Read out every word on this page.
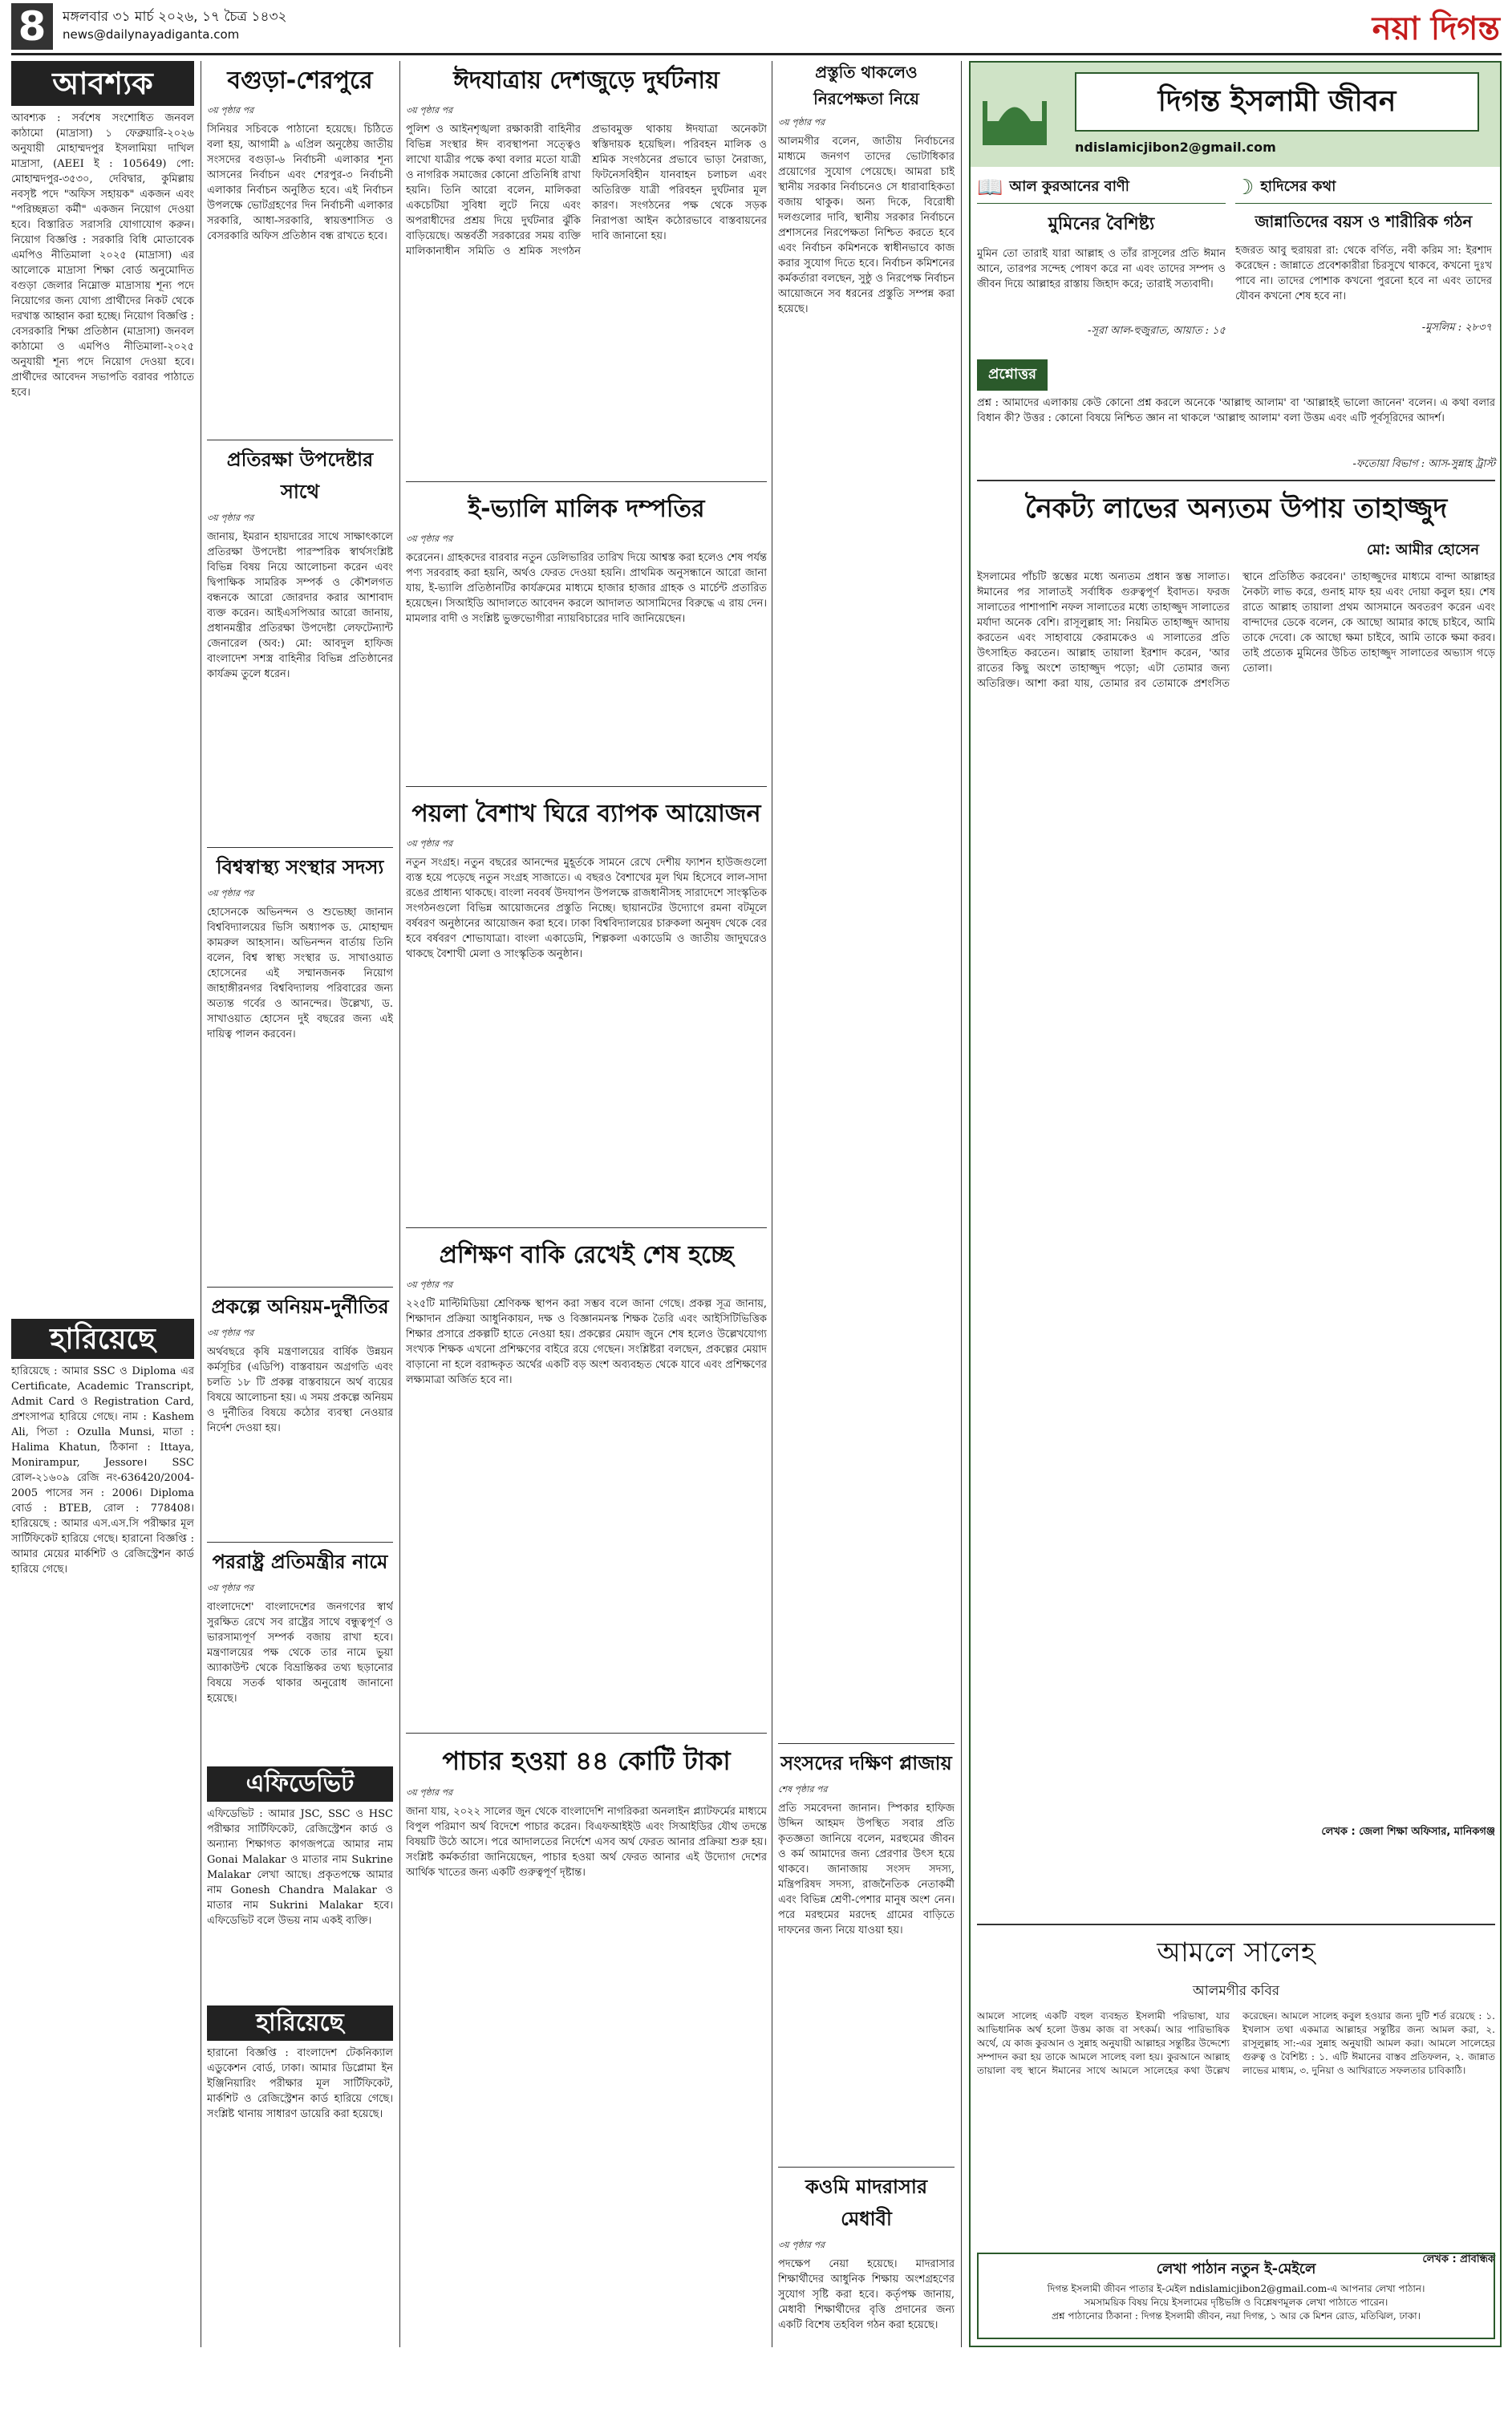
8	মঙ্গলবার ৩১ মার্চ ২০২৬, ১৭ চৈত্র ১৪৩২
news@dailynayadiganta.com	নয়া দিগন্ত
আবশ্যক
আবশ্যক : সর্বশেষ সংশোধিত জনবল কাঠামো (মাদ্রাসা) ১ ফেব্রুয়ারি-২০২৬ অনুযায়ী মোহাম্মদপুর ইসলামিয়া দাখিল মাদ্রাসা, (AEEI ই : 105649) পো: মোহাম্মদপুর-৩৫৩০, দেবিদ্বার, কুমিল্লায় নবসৃষ্ট পদে "অফিস সহায়ক" একজন এবং "পরিচ্ছন্নতা কর্মী" একজন নিয়োগ দেওয়া হবে। বিস্তারিত সরাসরি যোগাযোগ করুন। নিয়োগ বিজ্ঞপ্তি : সরকারি বিধি মোতাবেক এমপিও নীতিমালা ২০২৫ (মাদ্রাসা) এর আলোকে মাদ্রাসা শিক্ষা বোর্ড অনুমোদিত বগুড়া জেলার নিম্নোক্ত মাদ্রাসায় শূন্য পদে নিয়োগের জন্য যোগ্য প্রার্থীদের নিকট থেকে দরখাস্ত আহ্বান করা হচ্ছে। নিয়োগ বিজ্ঞপ্তি : বেসরকারি শিক্ষা প্রতিষ্ঠান (মাদ্রাসা) জনবল কাঠামো ও এমপিও নীতিমালা-২০২৫ অনুযায়ী শূন্য পদে নিয়োগ দেওয়া হবে। প্রার্থীদের আবেদন সভাপতি বরাবর পাঠাতে হবে।
হারিয়েছে
হারিয়েছে : আমার SSC ও Diploma এর Certificate, Academic Transcript, Admit Card ও Registration Card, প্রশংসাপত্র হারিয়ে গেছে। নাম : Kashem Ali, পিতা : Ozulla Munsi, মাতা : Halima Khatun, ঠিকানা : Ittaya, Monirampur, Jessore। SSC রোল-২১৬০৯ রেজি নং-636420/2004-2005 পাসের সন : 2006। Diploma বোর্ড : BTEB, রোল : 778408। হারিয়েছে : আমার এস.এস.সি পরীক্ষার মূল সার্টিফিকেট হারিয়ে গেছে। হারানো বিজ্ঞপ্তি : আমার মেয়ের মার্কশিট ও রেজিস্ট্রেশন কার্ড হারিয়ে গেছে।
বগুড়া-শেরপুরে
৩য় পৃষ্ঠার পর
সিনিয়র সচিবকে পাঠানো হয়েছে। চিঠিতে বলা হয়, আগামী ৯ এপ্রিল অনুষ্ঠেয় জাতীয় সংসদের বগুড়া-৬ নির্বাচনী এলাকার শূন্য আসনের নির্বাচন এবং শেরপুর-৩ নির্বাচনী এলাকার নির্বাচন অনুষ্ঠিত হবে। এই নির্বাচন উপলক্ষে ভোটগ্রহণের দিন নির্বাচনী এলাকার সরকারি, আধা-সরকারি, স্বায়ত্তশাসিত ও বেসরকারি অফিস প্রতিষ্ঠান বন্ধ রাখতে হবে।
প্রতিরক্ষা উপদেষ্টার সাথে
৩য় পৃষ্ঠার পর
জানায়, ইমরান হায়দারের সাথে সাক্ষাৎকালে প্রতিরক্ষা উপদেষ্টা পারস্পরিক স্বার্থসংশ্লিষ্ট বিভিন্ন বিষয় নিয়ে আলোচনা করেন এবং দ্বিপাক্ষিক সামরিক সম্পর্ক ও কৌশলগত বন্ধনকে আরো জোরদার করার আশাবাদ ব্যক্ত করেন। আইএসপিআর আরো জানায়, প্রধানমন্ত্রীর প্রতিরক্ষা উপদেষ্টা লেফটেন্যান্ট জেনারেল (অব:) মো: আবদুল হাফিজ বাংলাদেশ সশস্ত্র বাহিনীর বিভিন্ন প্রতিষ্ঠানের কার্যক্রম তুলে ধরেন।
বিশ্বস্বাস্থ্য সংস্থার সদস্য
৩য় পৃষ্ঠার পর
হোসেনকে অভিনন্দন ও শুভেচ্ছা জানান বিশ্ববিদ্যালয়ের ভিসি অধ্যাপক ড. মোহাম্মদ কামরুল আহসান। অভিনন্দন বার্তায় তিনি বলেন, বিশ্ব স্বাস্থ্য সংস্থার ড. সাখাওয়াত হোসেনের এই সম্মানজনক নিয়োগ জাহাঙ্গীরনগর বিশ্ববিদ্যালয় পরিবারের জন্য অত্যন্ত গর্বের ও আনন্দের। উল্লেখ্য, ড. সাখাওয়াত হোসেন দুই বছরের জন্য এই দায়িত্ব পালন করবেন।
প্রকল্পে অনিয়ম-দুর্নীতির
৩য় পৃষ্ঠার পর
অর্থবছরে কৃষি মন্ত্রণালয়ের বার্ষিক উন্নয়ন কর্মসূচির (এডিপি) বাস্তবায়ন অগ্রগতি এবং চলতি ১৮ টি প্রকল্প বাস্তবায়নে অর্থ ব্যয়ের বিষয়ে আলোচনা হয়। এ সময় প্রকল্পে অনিয়ম ও দুর্নীতির বিষয়ে কঠোর ব্যবস্থা নেওয়ার নির্দেশ দেওয়া হয়।
পররাষ্ট্র প্রতিমন্ত্রীর নামে
৩য় পৃষ্ঠার পর
বাংলাদেশে' বাংলাদেশের জনগণের স্বার্থ সুরক্ষিত রেখে সব রাষ্ট্রের সাথে বন্ধুত্বপূর্ণ ও ভারসাম্যপূর্ণ সম্পর্ক বজায় রাখা হবে। মন্ত্রণালয়ের পক্ষ থেকে তার নামে ভুয়া অ্যাকাউন্ট থেকে বিভ্রান্তিকর তথ্য ছড়ানোর বিষয়ে সতর্ক থাকার অনুরোধ জানানো হয়েছে।
এফিডেভিট
এফিডেভিট : আমার JSC, SSC ও HSC পরীক্ষার সার্টিফিকেট, রেজিস্ট্রেশন কার্ড ও অন্যান্য শিক্ষাগত কাগজপত্রে আমার নাম Gonai Malakar ও মাতার নাম Sukrine Malakar লেখা আছে। প্রকৃতপক্ষে আমার নাম Gonesh Chandra Malakar ও মাতার নাম Sukrini Malakar হবে। এফিডেভিট বলে উভয় নাম একই ব্যক্তি।
হারিয়েছে
হারানো বিজ্ঞপ্তি : বাংলাদেশ টেকনিক্যাল এডুকেশন বোর্ড, ঢাকা। আমার ডিপ্লোমা ইন ইঞ্জিনিয়ারিং পরীক্ষার মূল সার্টিফিকেট, মার্কশিট ও রেজিস্ট্রেশন কার্ড হারিয়ে গেছে। সংশ্লিষ্ট থানায় সাধারণ ডায়েরি করা হয়েছে।
ঈদযাত্রায় দেশজুড়ে দুর্ঘটনায়
৩য় পৃষ্ঠার পর
পুলিশ ও আইনশৃঙ্খলা রক্ষাকারী বাহিনীর বিভিন্ন সংস্থার ঈদ ব্যবস্থাপনা সত্ত্বেও লাখো যাত্রীর পক্ষে কথা বলার মতো যাত্রী ও নাগরিক সমাজের কোনো প্রতিনিধি রাখা হয়নি। তিনি আরো বলেন, মালিকরা একচেটিয়া সুবিধা লুটে নিয়ে এবং অপরাধীদের প্রশ্রয় দিয়ে দুর্ঘটনার ঝুঁকি বাড়িয়েছে। অন্তর্বর্তী সরকারের সময় ব্যক্তি মালিকানাধীন সমিতি ও শ্রমিক সংগঠন প্রভাবমুক্ত থাকায় ঈদযাত্রা অনেকটা স্বস্তিদায়ক হয়েছিল। পরিবহন মালিক ও শ্রমিক সংগঠনের প্রভাবে ভাড়া নৈরাজ্য, ফিটনেসবিহীন যানবাহন চলাচল এবং অতিরিক্ত যাত্রী পরিবহন দুর্ঘটনার মূল কারণ। সংগঠনের পক্ষ থেকে সড়ক নিরাপত্তা আইন কঠোরভাবে বাস্তবায়নের দাবি জানানো হয়।
ই-ভ্যালি মালিক দম্পতির
৩য় পৃষ্ঠার পর
করেনেন। গ্রাহকদের বারবার নতুন ডেলিভারির তারিখ দিয়ে আশ্বস্ত করা হলেও শেষ পর্যন্ত পণ্য সরবরাহ করা হয়নি, অর্থও ফেরত দেওয়া হয়নি। প্রাথমিক অনুসন্ধানে আরো জানা যায়, ই-ভ্যালি প্রতিষ্ঠানটির কার্যক্রমের মাধ্যমে হাজার হাজার গ্রাহক ও মার্চেন্ট প্রতারিত হয়েছেন। সিআইডি আদালতে আবেদন করলে আদালত আসামিদের বিরুদ্ধে এ রায় দেন। মামলার বাদী ও সংশ্লিষ্ট ভুক্তভোগীরা ন্যায়বিচারের দাবি জানিয়েছেন।
পয়লা বৈশাখ ঘিরে ব্যাপক আয়োজন
৩য় পৃষ্ঠার পর
নতুন সংগ্রহ। নতুন বছরের আনন্দের মুহূর্তকে সামনে রেখে দেশীয় ফ্যাশন হাউজগুলো ব্যস্ত হয়ে পড়েছে নতুন সংগ্রহ সাজাতে। এ বছরও বৈশাখের মূল থিম হিসেবে লাল-সাদা রঙের প্রাধান্য থাকছে। বাংলা নববর্ষ উদযাপন উপলক্ষে রাজধানীসহ সারাদেশে সাংস্কৃতিক সংগঠনগুলো বিভিন্ন আয়োজনের প্রস্তুতি নিচ্ছে। ছায়ানটের উদ্যোগে রমনা বটমূলে বর্ষবরণ অনুষ্ঠানের আয়োজন করা হবে। ঢাকা বিশ্ববিদ্যালয়ের চারুকলা অনুষদ থেকে বের হবে বর্ষবরণ শোভাযাত্রা। বাংলা একাডেমি, শিল্পকলা একাডেমি ও জাতীয় জাদুঘরেও থাকছে বৈশাখী মেলা ও সাংস্কৃতিক অনুষ্ঠান।
প্রশিক্ষণ বাকি রেখেই শেষ হচ্ছে
৩য় পৃষ্ঠার পর
২২৫টি মাল্টিমিডিয়া শ্রেণিকক্ষ স্থাপন করা সম্ভব বলে জানা গেছে। প্রকল্প সূত্র জানায়, শিক্ষাদান প্রক্রিয়া আধুনিকায়ন, দক্ষ ও বিজ্ঞানমনস্ক শিক্ষক তৈরি এবং আইসিটিভিত্তিক শিক্ষার প্রসারে প্রকল্পটি হাতে নেওয়া হয়। প্রকল্পের মেয়াদ জুনে শেষ হলেও উল্লেখযোগ্য সংখ্যক শিক্ষক এখনো প্রশিক্ষণের বাইরে রয়ে গেছেন। সংশ্লিষ্টরা বলছেন, প্রকল্পের মেয়াদ বাড়ানো না হলে বরাদ্দকৃত অর্থের একটি বড় অংশ অব্যবহৃত থেকে যাবে এবং প্রশিক্ষণের লক্ষ্যমাত্রা অর্জিত হবে না।
পাচার হওয়া ৪৪ কোটি টাকা
৩য় পৃষ্ঠার পর
জানা যায়, ২০২২ সালের জুন থেকে বাংলাদেশি নাগরিকরা অনলাইন প্ল্যাটফর্মের মাধ্যমে বিপুল পরিমাণ অর্থ বিদেশে পাচার করেন। বিএফআইইউ এবং সিআইডির যৌথ তদন্তে বিষয়টি উঠে আসে। পরে আদালতের নির্দেশে এসব অর্থ ফেরত আনার প্রক্রিয়া শুরু হয়। সংশ্লিষ্ট কর্মকর্তারা জানিয়েছেন, পাচার হওয়া অর্থ ফেরত আনার এই উদ্যোগ দেশের আর্থিক খাতের জন্য একটি গুরুত্বপূর্ণ দৃষ্টান্ত।
প্রস্তুতি থাকলেও নিরপেক্ষতা নিয়ে
৩য় পৃষ্ঠার পর
আলমগীর বলেন, জাতীয় নির্বাচনের মাধ্যমে জনগণ তাদের ভোটাধিকার প্রয়োগের সুযোগ পেয়েছে। আমরা চাই স্থানীয় সরকার নির্বাচনেও সে ধারাবাহিকতা বজায় থাকুক। অন্য দিকে, বিরোধী দলগুলোর দাবি, স্থানীয় সরকার নির্বাচনে প্রশাসনের নিরপেক্ষতা নিশ্চিত করতে হবে এবং নির্বাচন কমিশনকে স্বাধীনভাবে কাজ করার সুযোগ দিতে হবে। নির্বাচন কমিশনের কর্মকর্তারা বলছেন, সুষ্ঠু ও নিরপেক্ষ নির্বাচন আয়োজনে সব ধরনের প্রস্তুতি সম্পন্ন করা হয়েছে।
সংসদের দক্ষিণ প্লাজায়
শেষ পৃষ্ঠার পর
প্রতি সমবেদনা জানান। স্পিকার হাফিজ উদ্দিন আহমদ উপস্থিত সবার প্রতি কৃতজ্ঞতা জানিয়ে বলেন, মরহুমের জীবন ও কর্ম আমাদের জন্য প্রেরণার উৎস হয়ে থাকবে। জানাজায় সংসদ সদস্য, মন্ত্রিপরিষদ সদস্য, রাজনৈতিক নেতাকর্মী এবং বিভিন্ন শ্রেণী-পেশার মানুষ অংশ নেন। পরে মরহুমের মরদেহ গ্রামের বাড়িতে দাফনের জন্য নিয়ে যাওয়া হয়।
কওমি মাদরাসার মেধাবী
৩য় পৃষ্ঠার পর
পদক্ষেপ নেয়া হয়েছে। মাদরাসার শিক্ষার্থীদের আধুনিক শিক্ষায় অংশগ্রহণের সুযোগ সৃষ্টি করা হবে। কর্তৃপক্ষ জানায়, মেধাবী শিক্ষার্থীদের বৃত্তি প্রদানের জন্য একটি বিশেষ তহবিল গঠন করা হয়েছে।
দিগন্ত ইসলামী জীবন
ndislamicjibon2@gmail.com
📖 আল কুরআনের বাণী
মুমিনের বৈশিষ্ট্য
মুমিন তো তারাই যারা আল্লাহ ও তাঁর রাসূলের প্রতি ঈমান আনে, তারপর সন্দেহ পোষণ করে না এবং তাদের সম্পদ ও জীবন দিয়ে আল্লাহর রাস্তায় জিহাদ করে; তারাই সত্যবাদী।
-সূরা আল-হুজুরাত, আয়াত : ১৫
☽ হাদিসের কথা
জান্নাতিদের বয়স ও শারীরিক গঠন
হজরত আবু হুরায়রা রা: থেকে বর্ণিত, নবী করিম সা: ইরশাদ করেছেন : জান্নাতে প্রবেশকারীরা চিরসুখে থাকবে, কখনো দুঃখ পাবে না। তাদের পোশাক কখনো পুরনো হবে না এবং তাদের যৌবন কখনো শেষ হবে না।
-মুসলিম : ২৮৩৭
প্রশ্নোত্তর
প্রশ্ন : আমাদের এলাকায় কেউ কোনো প্রশ্ন করলে অনেকে 'আল্লাহু আলাম' বা 'আল্লাহই ভালো জানেন' বলেন। এ কথা বলার বিধান কী? উত্তর : কোনো বিষয়ে নিশ্চিত জ্ঞান না থাকলে 'আল্লাহু আলাম' বলা উত্তম এবং এটি পূর্বসূরিদের আদর্শ।
-ফতোয়া বিভাগ : আস-সুন্নাহ ট্রাস্ট
নৈকট্য লাভের অন্যতম উপায় তাহাজ্জুদ
মো: আমীর হোসেন
ইসলামের পাঁচটি স্তম্ভের মধ্যে অন্যতম প্রধান স্তম্ভ সালাত। ঈমানের পর সালাতই সর্বাধিক গুরুত্বপূর্ণ ইবাদত। ফরজ সালাতের পাশাপাশি নফল সালাতের মধ্যে তাহাজ্জুদ সালাতের মর্যাদা অনেক বেশি। রাসূলুল্লাহ সা: নিয়মিত তাহাজ্জুদ আদায় করতেন এবং সাহাবায়ে কেরামকেও এ সালাতের প্রতি উৎসাহিত করতেন। আল্লাহ তায়ালা ইরশাদ করেন, 'আর রাতের কিছু অংশে তাহাজ্জুদ পড়ো; এটা তোমার জন্য অতিরিক্ত। আশা করা যায়, তোমার রব তোমাকে প্রশংসিত স্থানে প্রতিষ্ঠিত করবেন।' তাহাজ্জুদের মাধ্যমে বান্দা আল্লাহর নৈকট্য লাভ করে, গুনাহ মাফ হয় এবং দোয়া কবুল হয়। শেষ রাতে আল্লাহ তায়ালা প্রথম আসমানে অবতরণ করেন এবং বান্দাদের ডেকে বলেন, কে আছো আমার কাছে চাইবে, আমি তাকে দেবো। কে আছো ক্ষমা চাইবে, আমি তাকে ক্ষমা করব। তাই প্রত্যেক মুমিনের উচিত তাহাজ্জুদ সালাতের অভ্যাস গড়ে তোলা।
লেখক : জেলা শিক্ষা অফিসার, মানিকগঞ্জ
আমলে সালেহ
আলমগীর কবির
আমলে সালেহ একটি বহুল ব্যবহৃত ইসলামী পরিভাষা, যার আভিধানিক অর্থ হলো উত্তম কাজ বা সৎকর্ম। আর পারিভাষিক অর্থে, যে কাজ কুরআন ও সুন্নাহ অনুযায়ী আল্লাহর সন্তুষ্টির উদ্দেশ্যে সম্পাদন করা হয় তাকে আমলে সালেহ বলা হয়। কুরআনে আল্লাহ তায়ালা বহু স্থানে ঈমানের সাথে আমলে সালেহের কথা উল্লেখ করেছেন। আমলে সালেহ কবুল হওয়ার জন্য দুটি শর্ত রয়েছে : ১. ইখলাস তথা একমাত্র আল্লাহর সন্তুষ্টির জন্য আমল করা, ২. রাসূলুল্লাহ সা:-এর সুন্নাহ অনুযায়ী আমল করা। আমলে সালেহের গুরুত্ব ও বৈশিষ্ট্য : ১. এটি ঈমানের বাস্তব প্রতিফলন, ২. জান্নাত লাভের মাধ্যম, ৩. দুনিয়া ও আখিরাতে সফলতার চাবিকাঠি।
লেখক : প্রাবন্ধিক
লেখা পাঠান নতুন ই-মেইলে
দিগন্ত ইসলামী জীবন পাতার ই-মেইল ndislamicjibon2@gmail.com-এ আপনার লেখা পাঠান।
সমসাময়িক বিষয় নিয়ে ইসলামের দৃষ্টিভঙ্গি ও বিশ্লেষণমূলক লেখা পাঠাতে পারেন।
প্রশ্ন পাঠানোর ঠিকানা : দিগন্ত ইসলামী জীবন, নয়া দিগন্ত, ১ আর কে মিশন রোড, মতিঝিল, ঢাকা।
